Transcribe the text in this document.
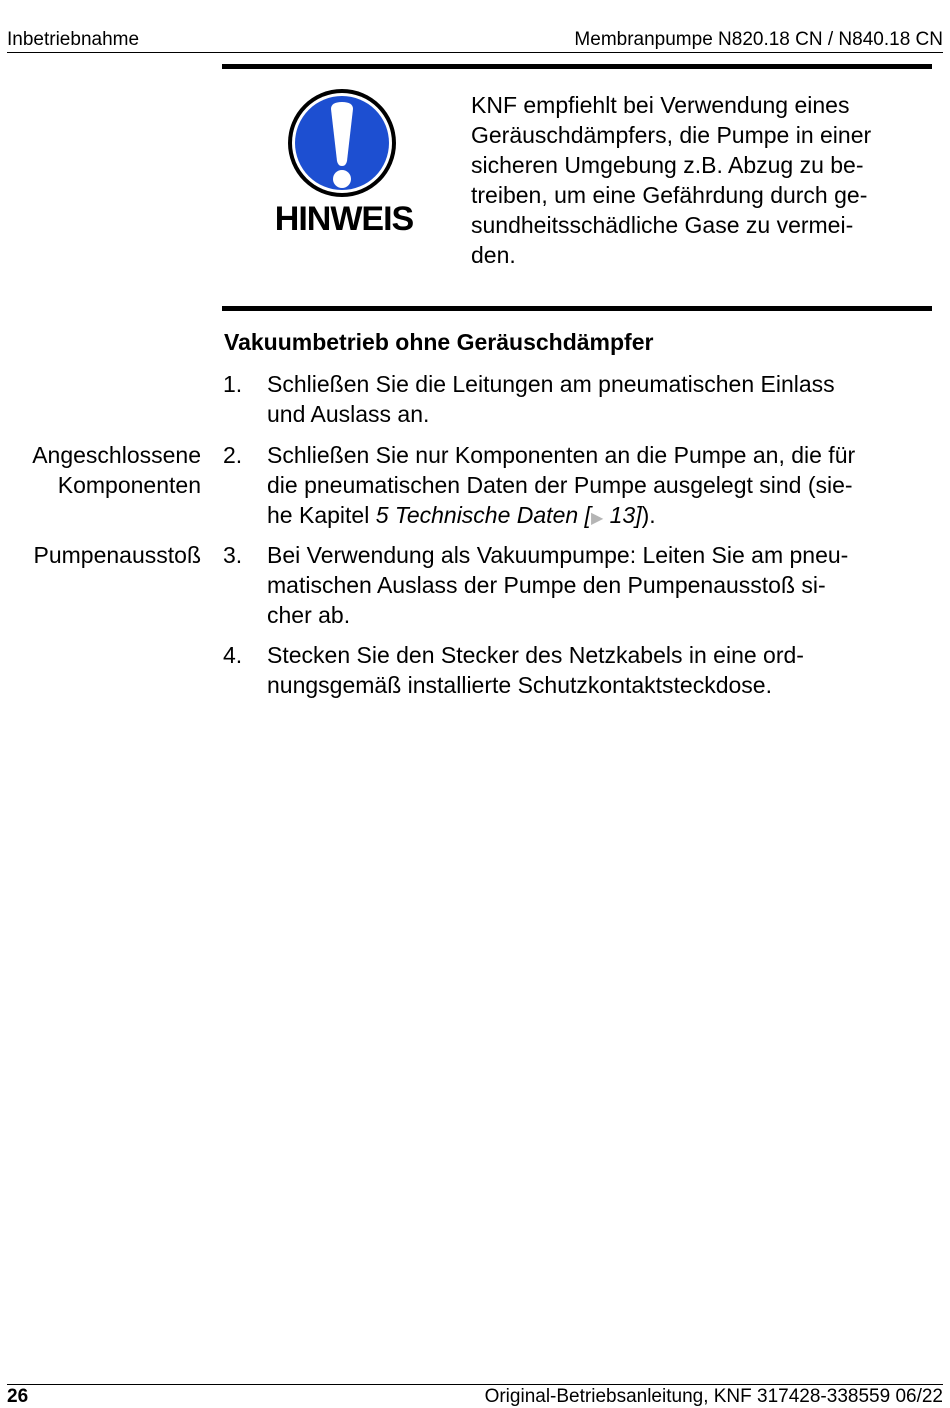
Inbetriebnahme	Membranpumpe N820.18 CN / N840.18 CN
HINWEIS
KNF empfiehlt bei Verwendung eines
Geräuschdämpfers, die Pumpe in einer
sicheren Umgebung z.B. Abzug zu be-
treiben, um eine Gefährdung durch ge-
sundheitsschädliche Gase zu vermei-
den.
Vakuumbetrieb ohne Geräuschdämpfer
1. Schließen Sie die Leitungen am pneumatischen Einlass
und Auslass an.
Angeschlossene
Komponenten
2. Schließen Sie nur Komponenten an die Pumpe an, die für
die pneumatischen Daten der Pumpe ausgelegt sind (sie-
he Kapitel 5 Technische Daten [▶ 13]).
Pumpenausstoß 3. Bei Verwendung als Vakuumpumpe: Leiten Sie am pneu-
matischen Auslass der Pumpe den Pumpenausstoß si-
cher ab.
4. Stecken Sie den Stecker des Netzkabels in eine ord-
nungsgemäß installierte Schutzkontaktsteckdose.
26	Original-Betriebsanleitung, KNF 317428-338559 06/22
